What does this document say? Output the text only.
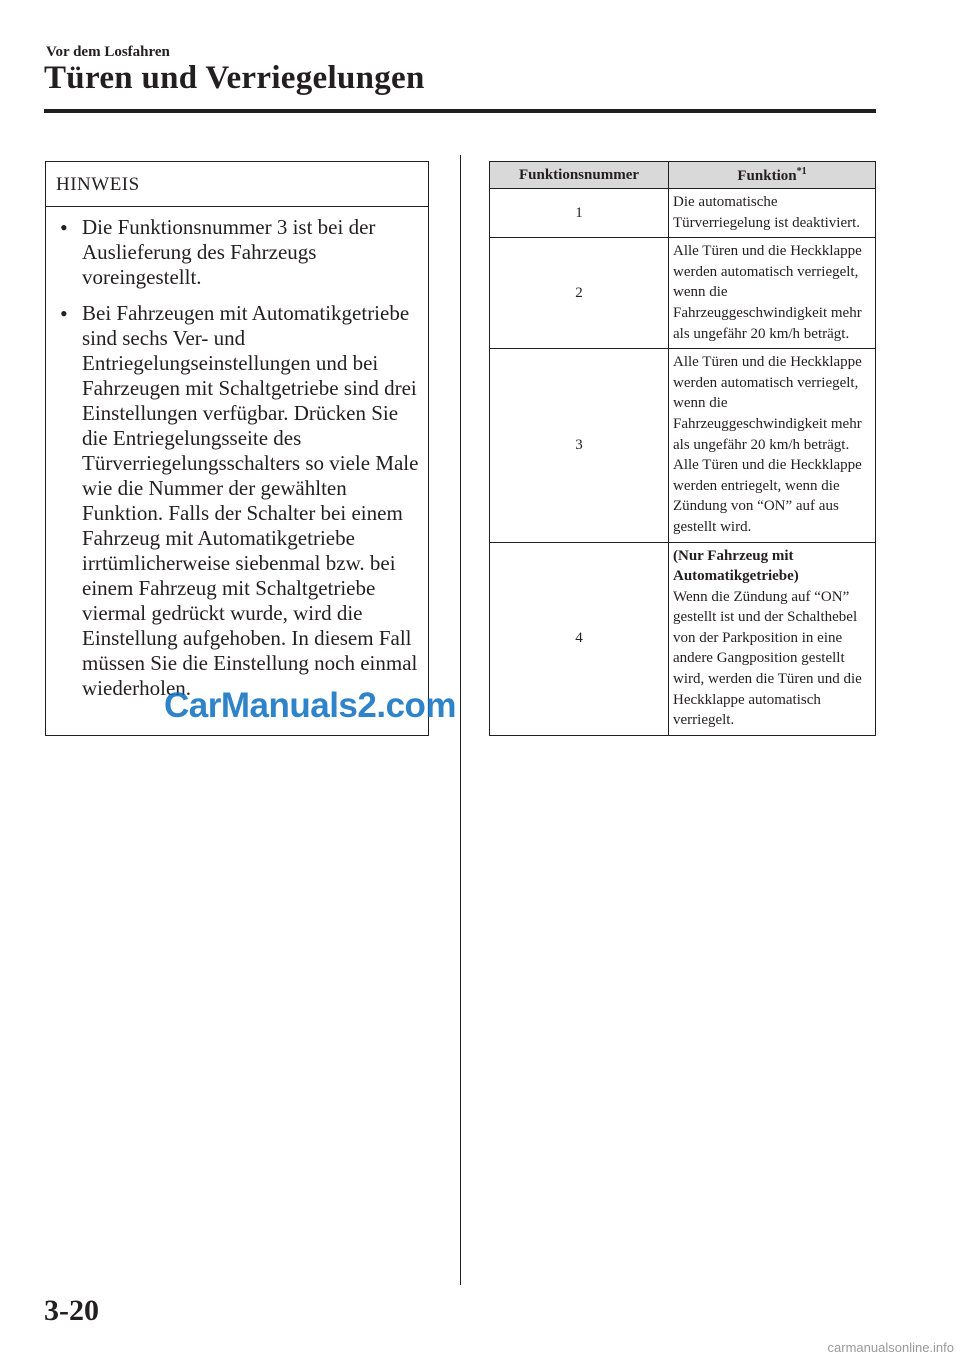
Vor dem Losfahren
Türen und Verriegelungen
HINWEIS
• Die Funktionsnummer 3 ist bei der Auslieferung des Fahrzeugs voreingestellt.
• Bei Fahrzeugen mit Automatikgetriebe sind sechs Ver- und Entriegelungseinstellungen und bei Fahrzeugen mit Schaltgetriebe sind drei Einstellungen verfügbar. Drücken Sie die Entriegelungsseite des Türverriegelungsschalters so viele Male wie die Nummer der gewählten Funktion. Falls der Schalter bei einem Fahrzeug mit Automatikgetriebe irrtümlicherweise siebenmal bzw. bei einem Fahrzeug mit Schaltgetriebe viermal gedrückt wurde, wird die Einstellung aufgehoben. In diesem Fall müssen Sie die Einstellung noch einmal wiederholen.
CarManuals2.com
Funktionsnummer	Funktion$^{*1}$
1	Die automatische Türverriegelung ist deaktiviert.
2	Alle Türen und die Heckklappe werden automatisch verriegelt, wenn die Fahrzeuggeschwindigkeit mehr als ungefähr 20 km/h beträgt.
3	Alle Türen und die Heckklappe werden automatisch verriegelt, wenn die Fahrzeuggeschwindigkeit mehr als ungefähr 20 km/h beträgt. Alle Türen und die Heckklappe werden entriegelt, wenn die Zündung von “ON” auf aus gestellt wird.
4	(Nur Fahrzeug mit Automatikgetriebe)
Wenn die Zündung auf “ON” gestellt ist und der Schalthebel von der Parkposition in eine andere Gangposition gestellt wird, werden die Türen und die Heckklappe automatisch verriegelt.
3-20
carmanualsonline.info
